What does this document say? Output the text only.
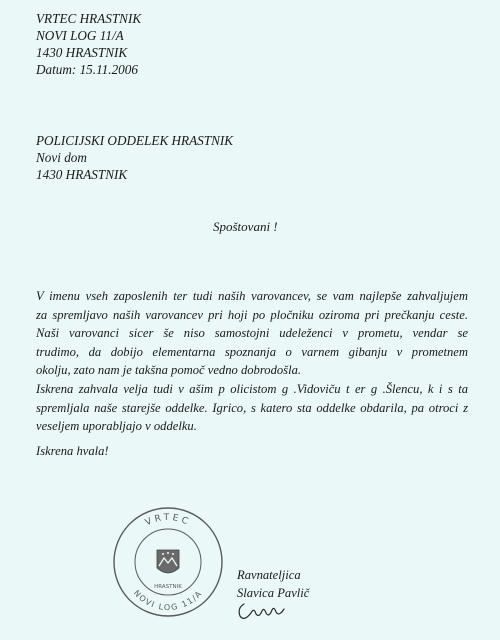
VRTEC HRASTNIK
NOVI LOG 11/A
1430 HRASTNIK
Datum: 15.11.2006
POLICIJSKI ODDELEK HRASTNIK
Novi dom
1430 HRASTNIK
Spoštovani !
V imenu vseh zaposlenih ter tudi naših varovancev, se vam najlepše zahvaljujem
za spremljavo naših varovancev pri hoji po pločniku oziroma pri prečkanju ceste.
Naši varovanci sicer še niso samostojni udeleženci v prometu, vendar se
trudimo, da dobijo elementarna spoznanja o varnem gibanju v prometnem
okolju, zato nam je takšna pomoč vedno dobrodošla.
Iskrena zahvala velja tudi v ašim p olicistom g .Vidoviču t er g .Šlencu, k i s ta
spremljala naše starejše oddelke. Igrico, s katero sta oddelke obdarila, pa otroci z
veseljem uporabljajo v oddelku.
Iskrena hvala!
VRTEC
NOVI LOG 11/A
HRASTNIK
Ravnateljica
Slavica Pavlič
